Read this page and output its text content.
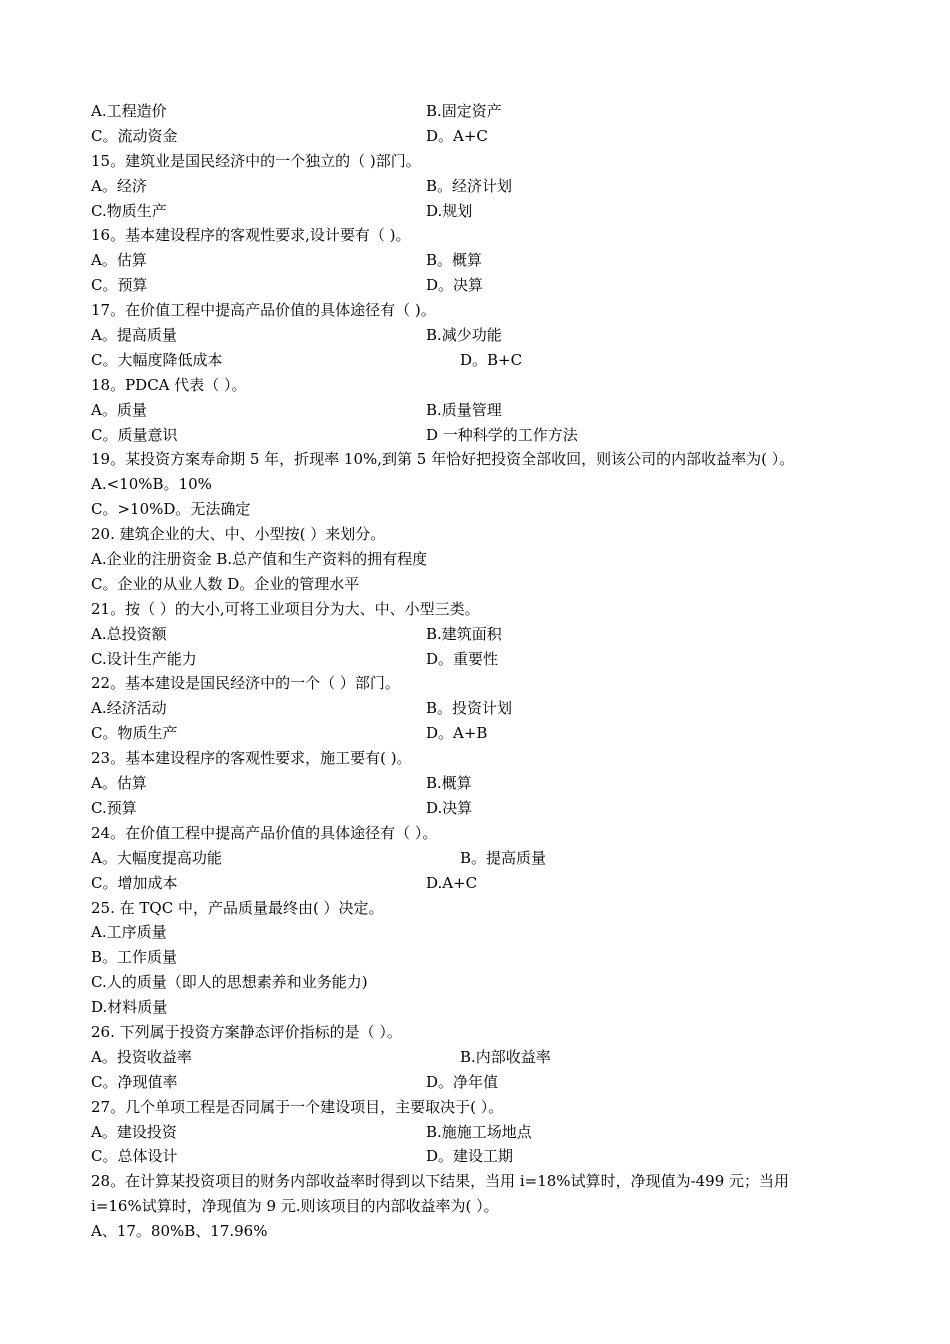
A.工程造价	B.固定资产
C。流动资金	D。A+C
15。建筑业是国民经济中的一个独立的（ )部门。
A。经济	B。经济计划
C.物质生产	D.规划
16。基本建设程序的客观性要求,设计要有（ )。
A。估算	B。概算
C。预算	D。决算
17。在价值工程中提高产品价值的具体途径有（ )。
A。提高质量	B.减少功能
C。大幅度降低成本	D。B+C
18。PDCA 代表（ ）。
A。质量	B.质量管理
C。质量意识	D 一种科学的工作方法
19。某投资方案寿命期 5 年，折现率 10%,到第 5 年恰好把投资全部收回，则该公司的内部收益率为( ）。
A.<10%B。10%
C。>10%D。无法确定
20. 建筑企业的大、中、小型按( ）来划分。
A.企业的注册资金 B.总产值和生产资料的拥有程度
C。企业的从业人数 D。企业的管理水平
21。按（ ）的大小,可将工业项目分为大、中、小型三类。
A.总投资额	B.建筑面积
C.设计生产能力	D。重要性
22。基本建设是国民经济中的一个（ ）部门。
A.经济活动	B。投资计划
C。物质生产	D。A+B
23。基本建设程序的客观性要求，施工要有( )。
A。估算	B.概算
C.预算	D.决算
24。在价值工程中提高产品价值的具体途径有（ ）。
A。大幅度提高功能	B。提高质量
C。增加成本	D.A+C
25. 在 TQC 中，产品质量最终由( ）决定。
A.工序质量
B。工作质量
C.人的质量（即人的思想素养和业务能力)
D.材料质量
26. 下列属于投资方案静态评价指标的是（ ）。
A。投资收益率	B.内部收益率
C。净现值率	D。净年值
27。几个单项工程是否同属于一个建设项目，主要取决于( ）。
A。建设投资	B.施施工场地点
C。总体设计	D。建设工期
28。在计算某投资项目的财务内部收益率时得到以下结果，当用 i=18%试算时，净现值为-499 元；当用
i=16%试算时，净现值为 9 元.则该项目的内部收益率为( ）。
A、17。80%B、17.96%
